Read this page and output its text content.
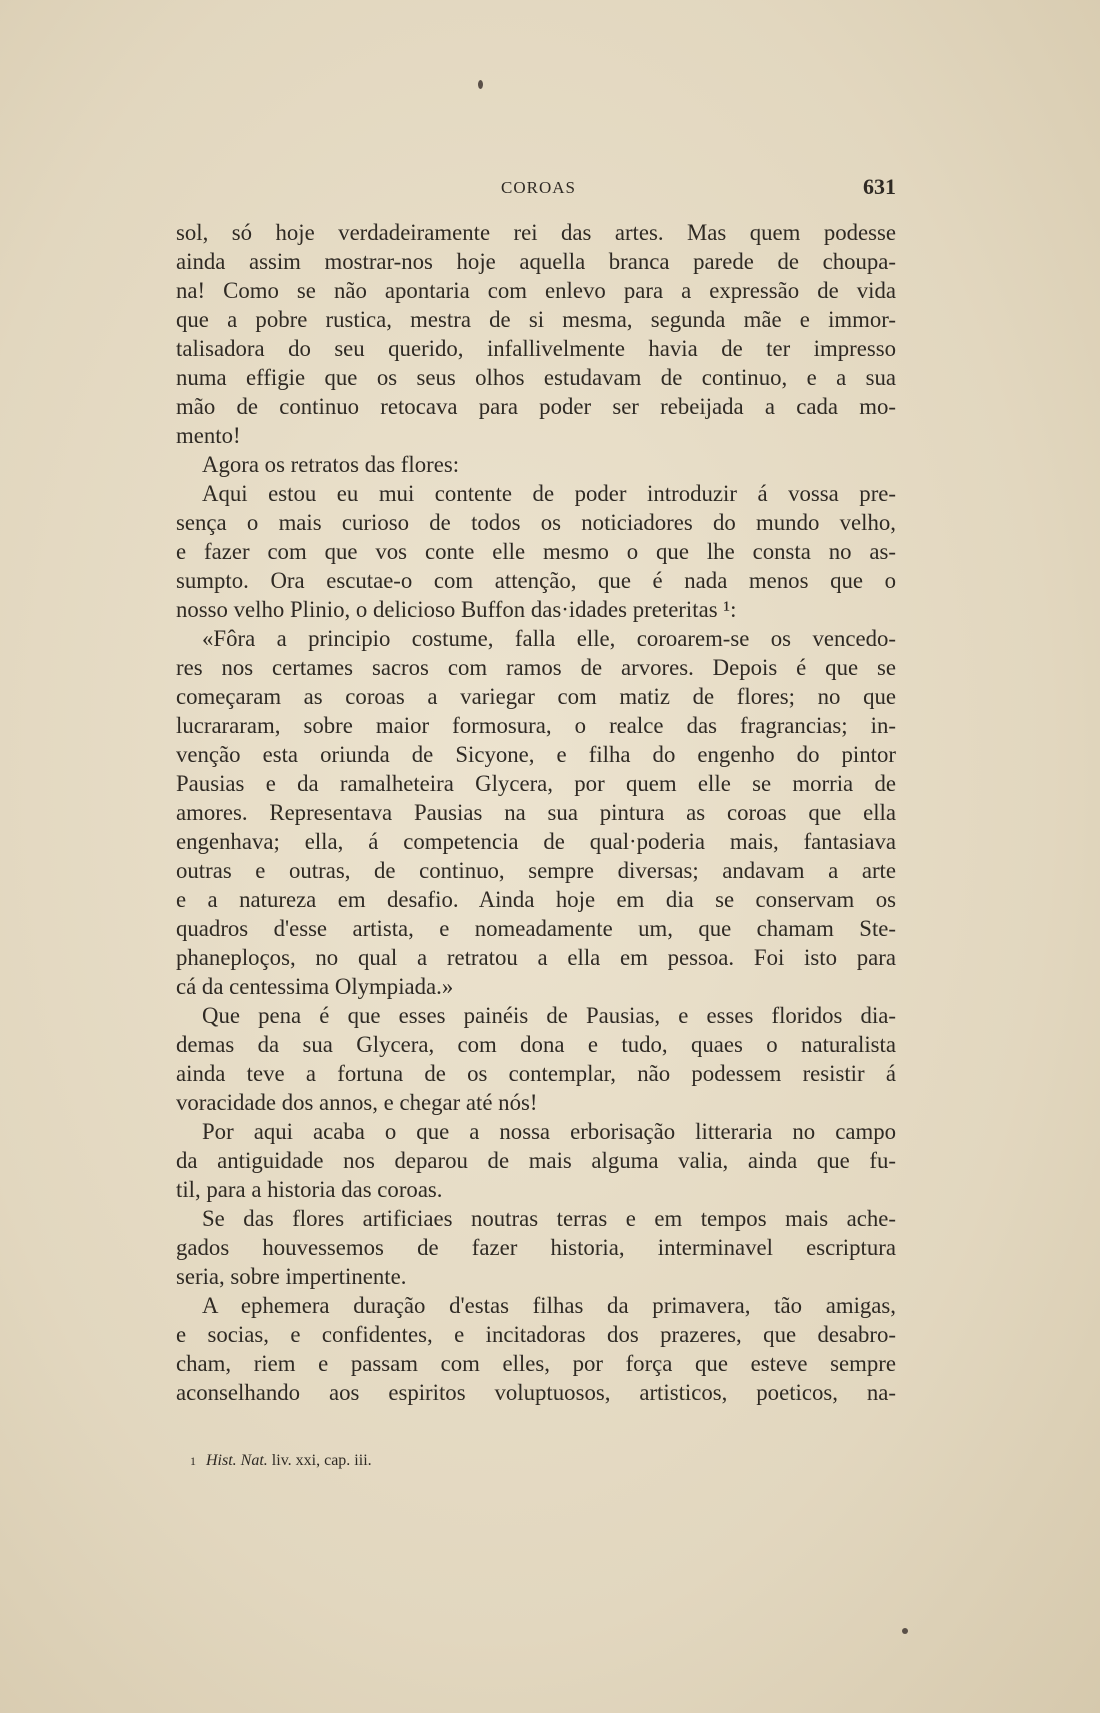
COROAS	631

sol, só hoje verdadeiramente rei das artes. Mas quem podesse

ainda assim mostrar-nos hoje aquella branca parede de choupa-

na! Como se não apontaria com enlevo para a expressão de vida

que a pobre rustica, mestra de si mesma, segunda mãe e immor-

talisadora do seu querido, infallivelmente havia de ter impresso

numa effigie que os seus olhos estudavam de continuo, e a sua

mão de continuo retocava para poder ser rebeijada a cada mo-

mento!

Agora os retratos das flores:

Aqui estou eu mui contente de poder introduzir á vossa pre-

sença o mais curioso de todos os noticiadores do mundo velho,

e fazer com que vos conte elle mesmo o que lhe consta no as-

sumpto. Ora escutae-o com attenção, que é nada menos que o

nosso velho Plinio, o delicioso Buffon das·idades preteritas ¹:

«Fôra a principio costume, falla elle, coroarem-se os vencedo-

res nos certames sacros com ramos de arvores. Depois é que se

começaram as coroas a variegar com matiz de flores; no que

lucrararam, sobre maior formosura, o realce das fragrancias; in-

venção esta oriunda de Sicyone, e filha do engenho do pintor

Pausias e da ramalheteira Glycera, por quem elle se morria de

amores. Representava Pausias na sua pintura as coroas que ella

engenhava; ella, á competencia de qual·poderia mais, fantasiava

outras e outras, de continuo, sempre diversas; andavam a arte

e a natureza em desafio. Ainda hoje em dia se conservam os

quadros d'esse artista, e nomeadamente um, que chamam Ste-

phaneploços, no qual a retratou a ella em pessoa. Foi isto para

cá da centessima Olympiada.»

Que pena é que esses painéis de Pausias, e esses floridos dia-

demas da sua Glycera, com dona e tudo, quaes o naturalista

ainda teve a fortuna de os contemplar, não podessem resistir á

voracidade dos annos, e chegar até nós!

Por aqui acaba o que a nossa erborisação litteraria no campo

da antiguidade nos deparou de mais alguma valia, ainda que fu-

til, para a historia das coroas.

Se das flores artificiaes noutras terras e em tempos mais ache-

gados houvessemos de fazer historia, interminavel escriptura

seria, sobre impertinente.

A ephemera duração d'estas filhas da primavera, tão amigas,

e socias, e confidentes, e incitadoras dos prazeres, que desabro-

cham, riem e passam com elles, por força que esteve sempre

aconselhando aos espiritos voluptuosos, artisticos, poeticos, na-

1 Hist. Nat. liv. xxi, cap. iii.
